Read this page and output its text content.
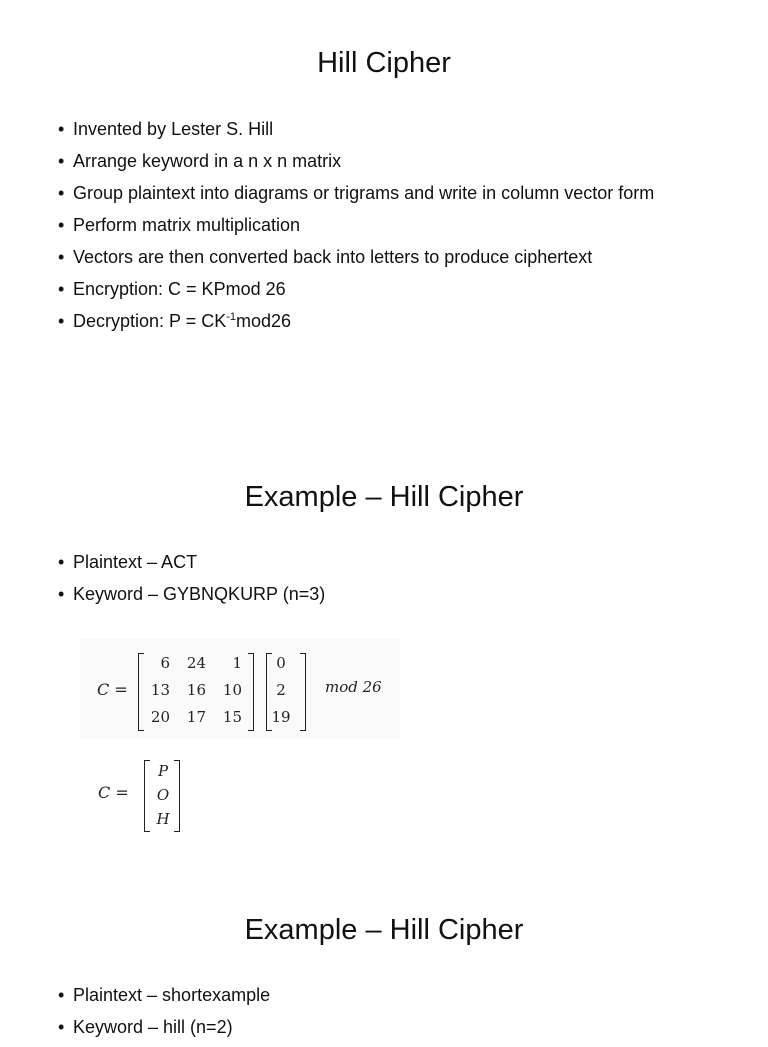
Hill Cipher
• Invented by Lester S. Hill
• Arrange keyword in a n x n matrix
• Group plaintext into diagrams or trigrams and write in column vector form
• Perform matrix multiplication
• Vectors are then converted back into letters to produce ciphertext
• Encryption: C = KPmod 26
• Decryption: $P = CK^{-1}mod26$
Example – Hill Cipher
• Plaintext – ACT
• Keyword – GYBNQKURP (n=3)
C =
6	24	1
13	16	10
20	17	15
0
2
19
mod 26
C =
P
O
H
Example – Hill Cipher
• Plaintext – shortexample
• Keyword – hill (n=2)
